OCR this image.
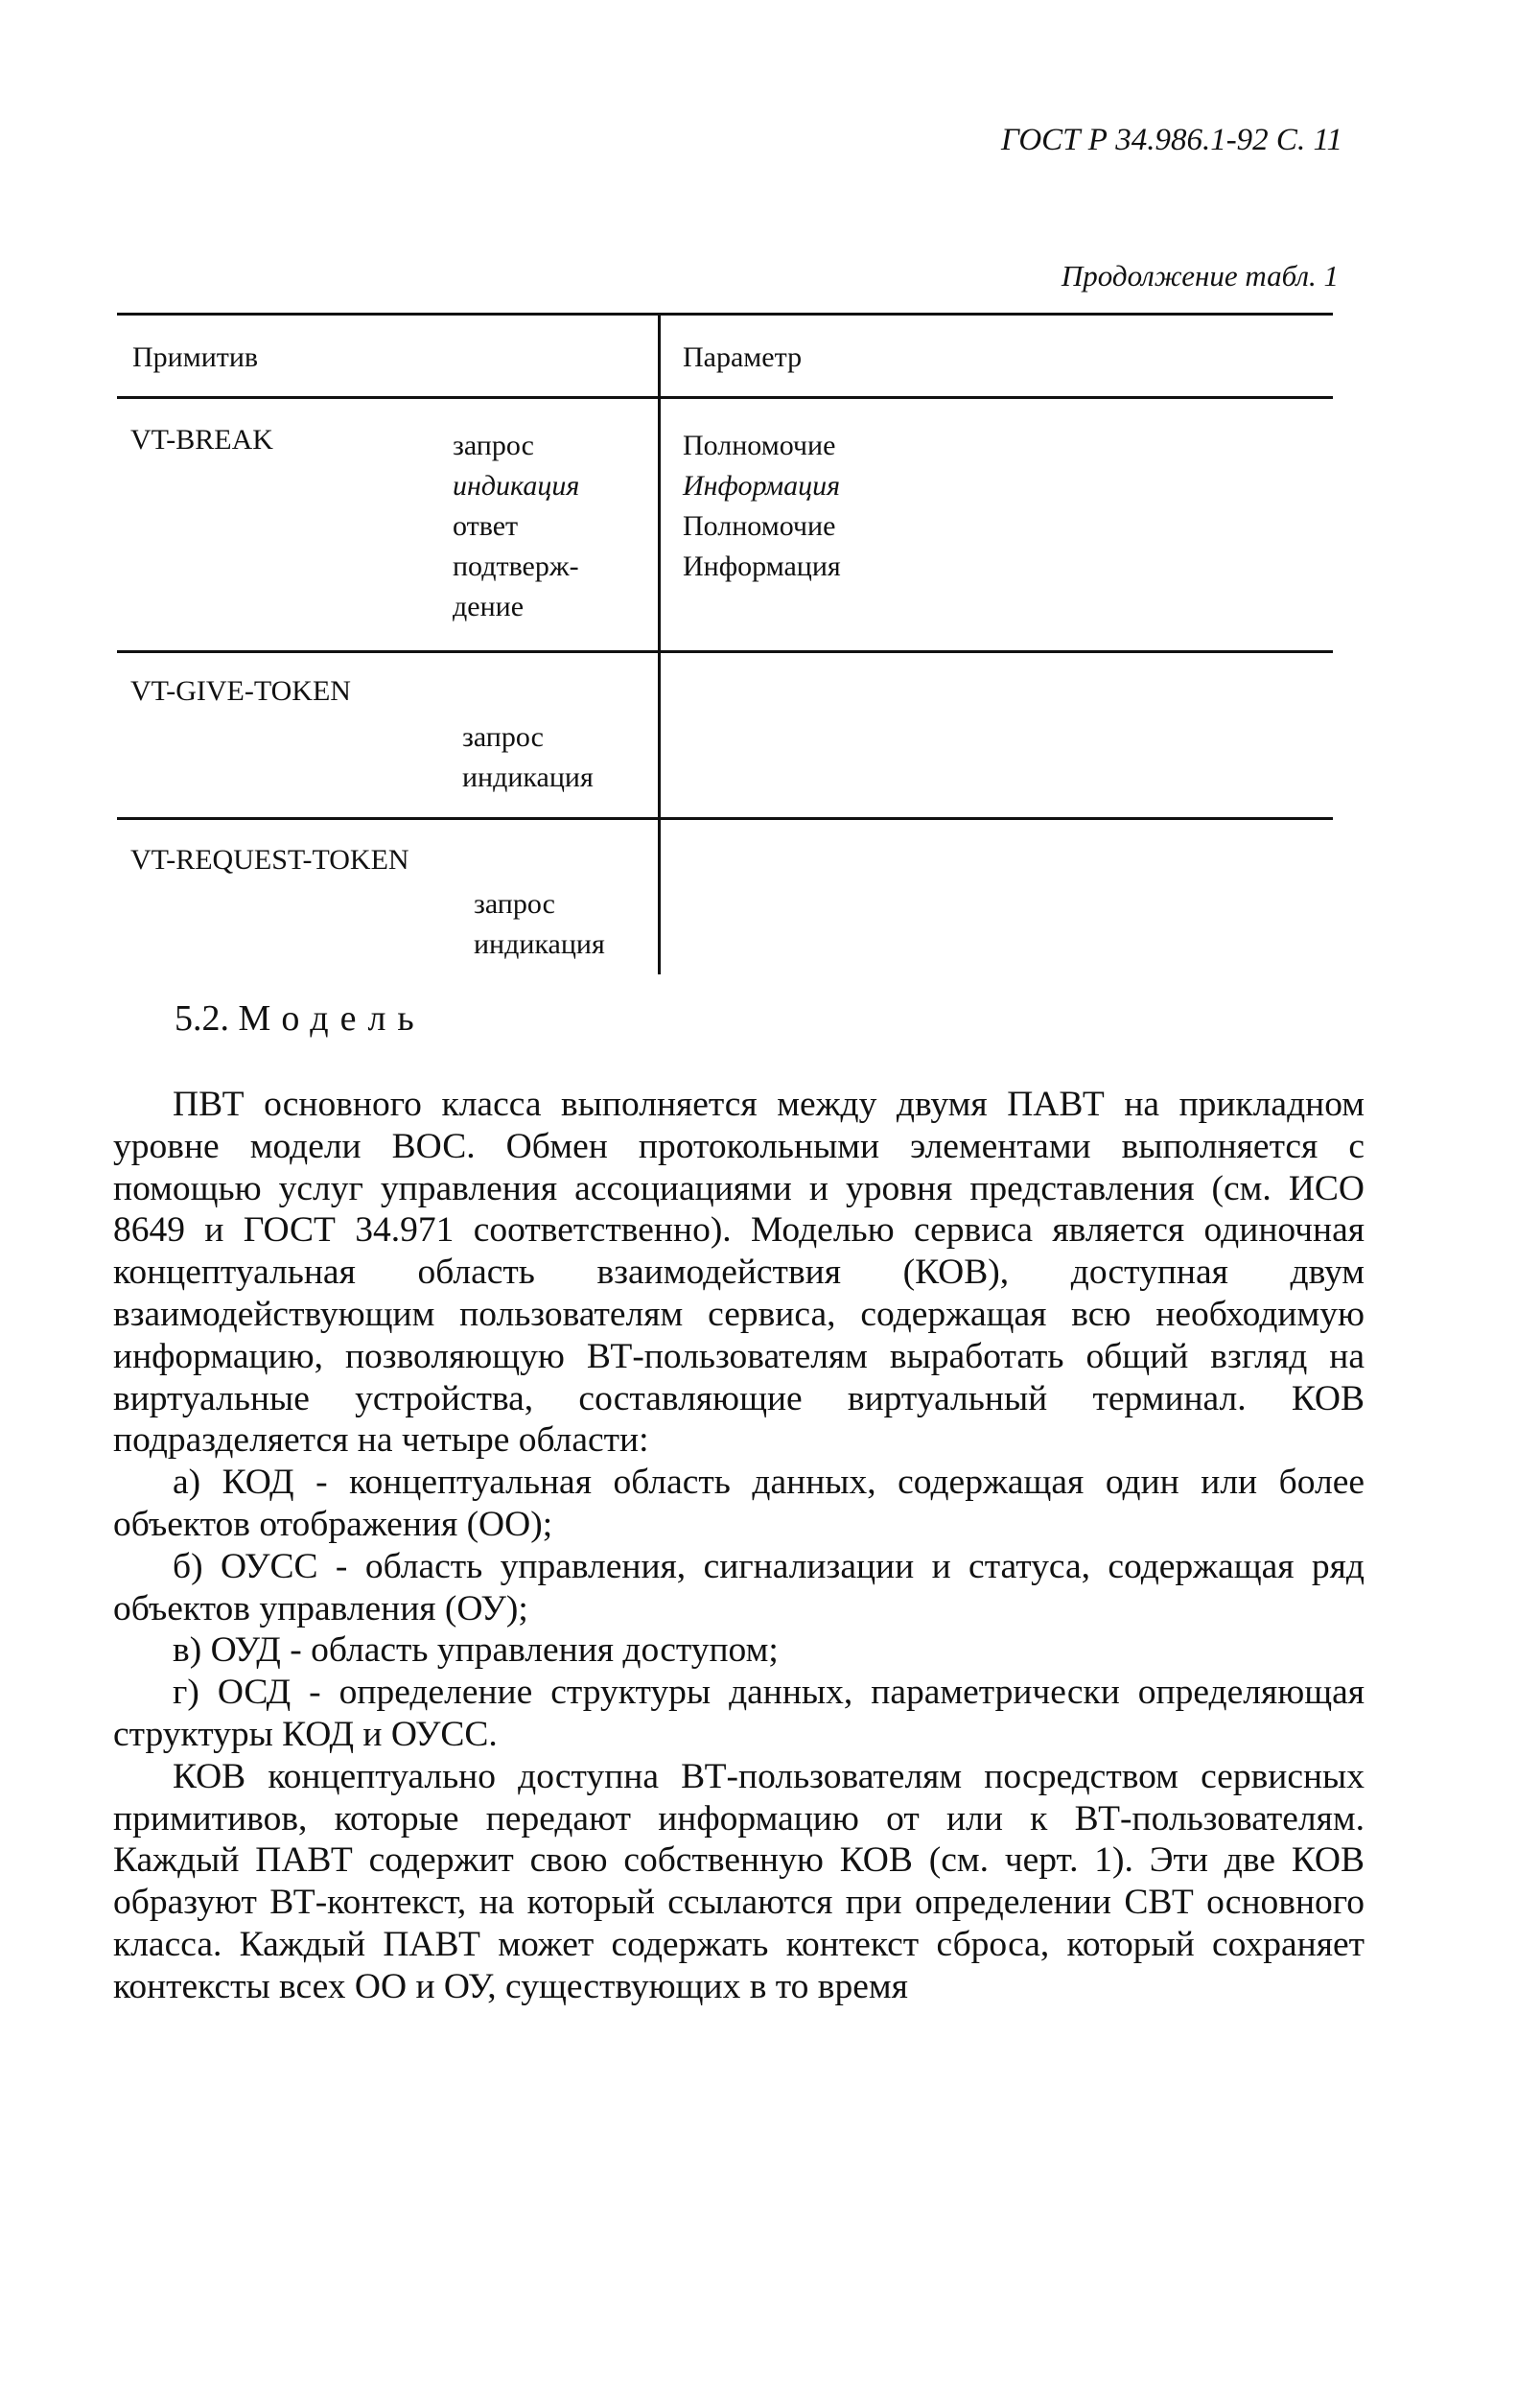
ГОСТ Р 34.986.1-92 С. 11
Продолжение табл. 1
Примитив	Параметр
VT-BREAK	запрос
индикация
ответ
подтверж-
дение
Полномочие
Информация
Полномочие
Информация
VT-GIVE-TOKEN
запрос
индикация
VT-REQUEST-TOKEN
запрос
индикация
5.2. Модель

ПВТ основного класса выполняется между двумя ПАВТ на прикладном уровне модели ВОС. Обмен протокольными элементами выполняется с помощью услуг управления ассоциациями и уровня представления (см. ИСО 8649 и ГОСТ 34.971 соответственно). Моделью сервиса является одиночная концептуальная область взаимодействия (КОВ), доступная двум взаимодействующим пользователям сервиса, содержащая всю необходимую информацию, позволяющую ВТ-пользователям выработать общий взгляд на виртуальные устройства, составляющие виртуальный терминал. КОВ подразделяется на четыре области:

а) КОД - концептуальная область данных, содержащая один или более объектов отображения (ОО);

б) ОУСС - область управления, сигнализации и статуса, содержащая ряд объектов управления (ОУ);

в) ОУД - область управления доступом;

г) ОСД - определение структуры данных, параметрически определяющая структуры КОД и ОУСС.

КОВ концептуально доступна ВТ-пользователям посредством сервисных примитивов, которые передают информацию от или к ВТ-пользователям. Каждый ПАВТ содержит свою собственную КОВ (см. черт. 1). Эти две КОВ образуют ВТ-контекст, на который ссылаются при определении СВТ основного класса. Каждый ПАВТ может содержать контекст сброса, который сохраняет контексты всех ОО и ОУ, существующих в то время
